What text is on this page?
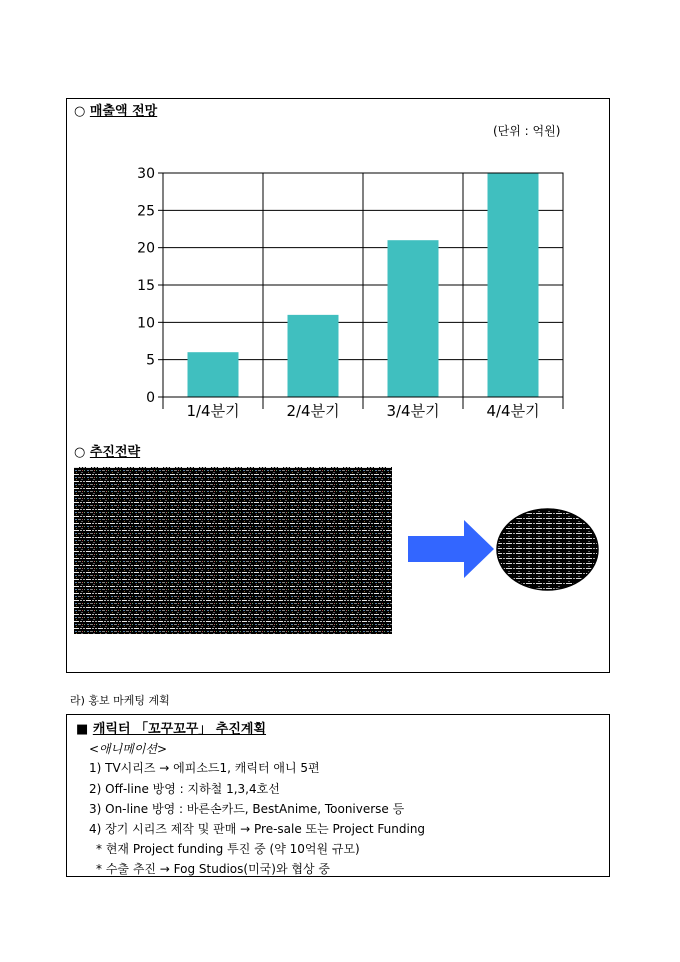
○ 매출액 전망
(단위 : 억원)
0
5
10
15
20
25
30
1/4분기	2/4분기	3/4분기	4/4분기
○ 추진전략
라) 홍보 마케팅 계획
■ 캐릭터 「꼬꾸꼬꾸」 추진계획
<애니메이션>
1) TV시리즈 → 에피소드1, 캐릭터 애니 5편
2) Off-line 방영 : 지하철 1,3,4호선
3) On-line 방영 : 바른손카드, BestAnime, Tooniverse 등
4) 장기 시리즈 제작 및 판매 → Pre-sale 또는 Project Funding
* 현재 Project funding 투진 중 (약 10억원 규모)
* 수출 추진 → Fog Studios(미국)와 협상 중
